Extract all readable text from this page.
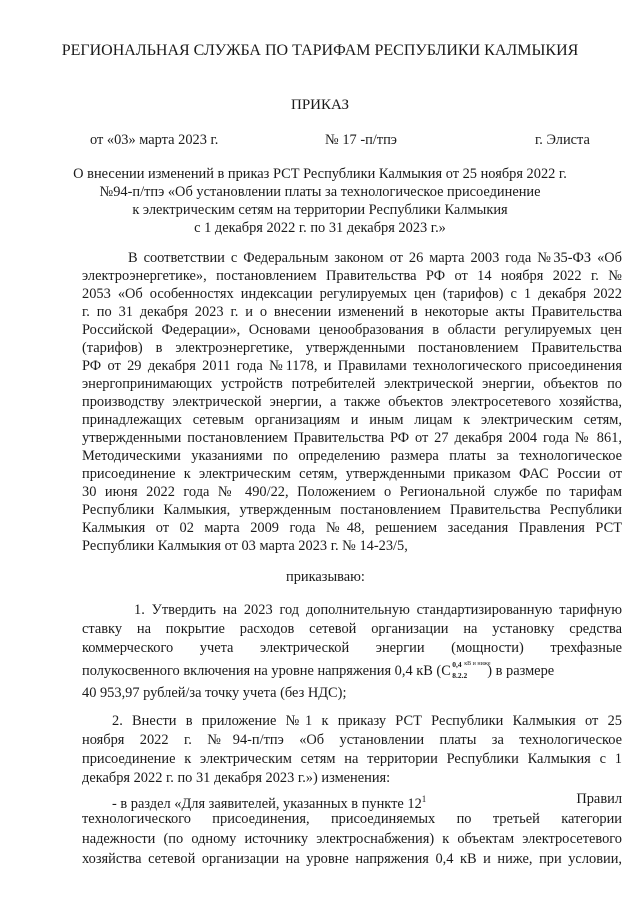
РЕГИОНАЛЬНАЯ СЛУЖБА ПО ТАРИФАМ РЕСПУБЛИКИ КАЛМЫКИЯ
ПРИКАЗ
от «03» марта 2023 г.	№ 17 -п/тпэ	г. Элиста
О внесении изменений в приказ РСТ Республики Калмыкия от 25 ноября 2022 г.
№94-п/тпэ «Об установлении платы за технологическое присоединение
к электрическим сетям на территории Республики Калмыкия
с 1 декабря 2022 г. по 31 декабря 2023 г.»
В соответствии с Федеральным законом от 26 марта 2003 года №35-ФЗ «Об
электроэнергетике», постановлением Правительства РФ от 14 ноября 2022 г. №
2053 «Об особенностях индексации регулируемых цен (тарифов) с 1 декабря 2022
г. по 31 декабря 2023 г. и о внесении изменений в некоторые акты Правительства
Российской Федерации», Основами ценообразования в области регулируемых цен
(тарифов) в электроэнергетике, утвержденными постановлением Правительства
РФ от 29 декабря 2011 года №1178, и Правилами технологического присоединения
энергопринимающих устройств потребителей электрической энергии, объектов по
производству электрической энергии, а также объектов электросетевого хозяйства,
принадлежащих сетевым организациям и иным лицам к электрическим сетям,
утвержденными постановлением Правительства РФ от 27 декабря 2004 года № 861,
Методическими указаниями по определению размера платы за технологическое
присоединение к электрическим сетям, утвержденными приказом ФАС России от
30 июня 2022 года № 490/22, Положением о Региональной службе по тарифам
Республики Калмыкия, утвержденным постановлением Правительства Республики
Калмыкия от 02 марта 2009 года №48, решением заседания Правления РСТ
Республики Калмыкия от 03 марта 2023 г. № 14-23/5,
приказываю:
1. Утвердить на 2023 год дополнительную стандартизированную тарифную
ставку на покрытие расходов сетевой организации на установку средства
коммерческого учета электрической энергии (мощности) трехфазные
полукосвенного включения на уровне напряжения 0,4 кВ ( С 0,4 кВ и ниже
8.2.2 ) в размере
40 953,97 рублей/за точку учета (без НДС);
2. Внести в приложение №1 к приказу РСТ Республики Калмыкия от 25
ноября 2022 г. №94-п/тпэ «Об установлении платы за технологическое
присоединение к электрическим сетям на территории Республики Калмыкия с 1
декабря 2022 г. по 31 декабря 2023 г.») изменения:
- в раздел «Для заявителей, указанных в пункте $12^1$	Правил
технологического присоединения, присоединяемых по третьей категории
надежности (по одному источнику электроснабжения) к объектам электросетевого
хозяйства сетевой организации на уровне напряжения 0,4 кВ и ниже, при условии,
